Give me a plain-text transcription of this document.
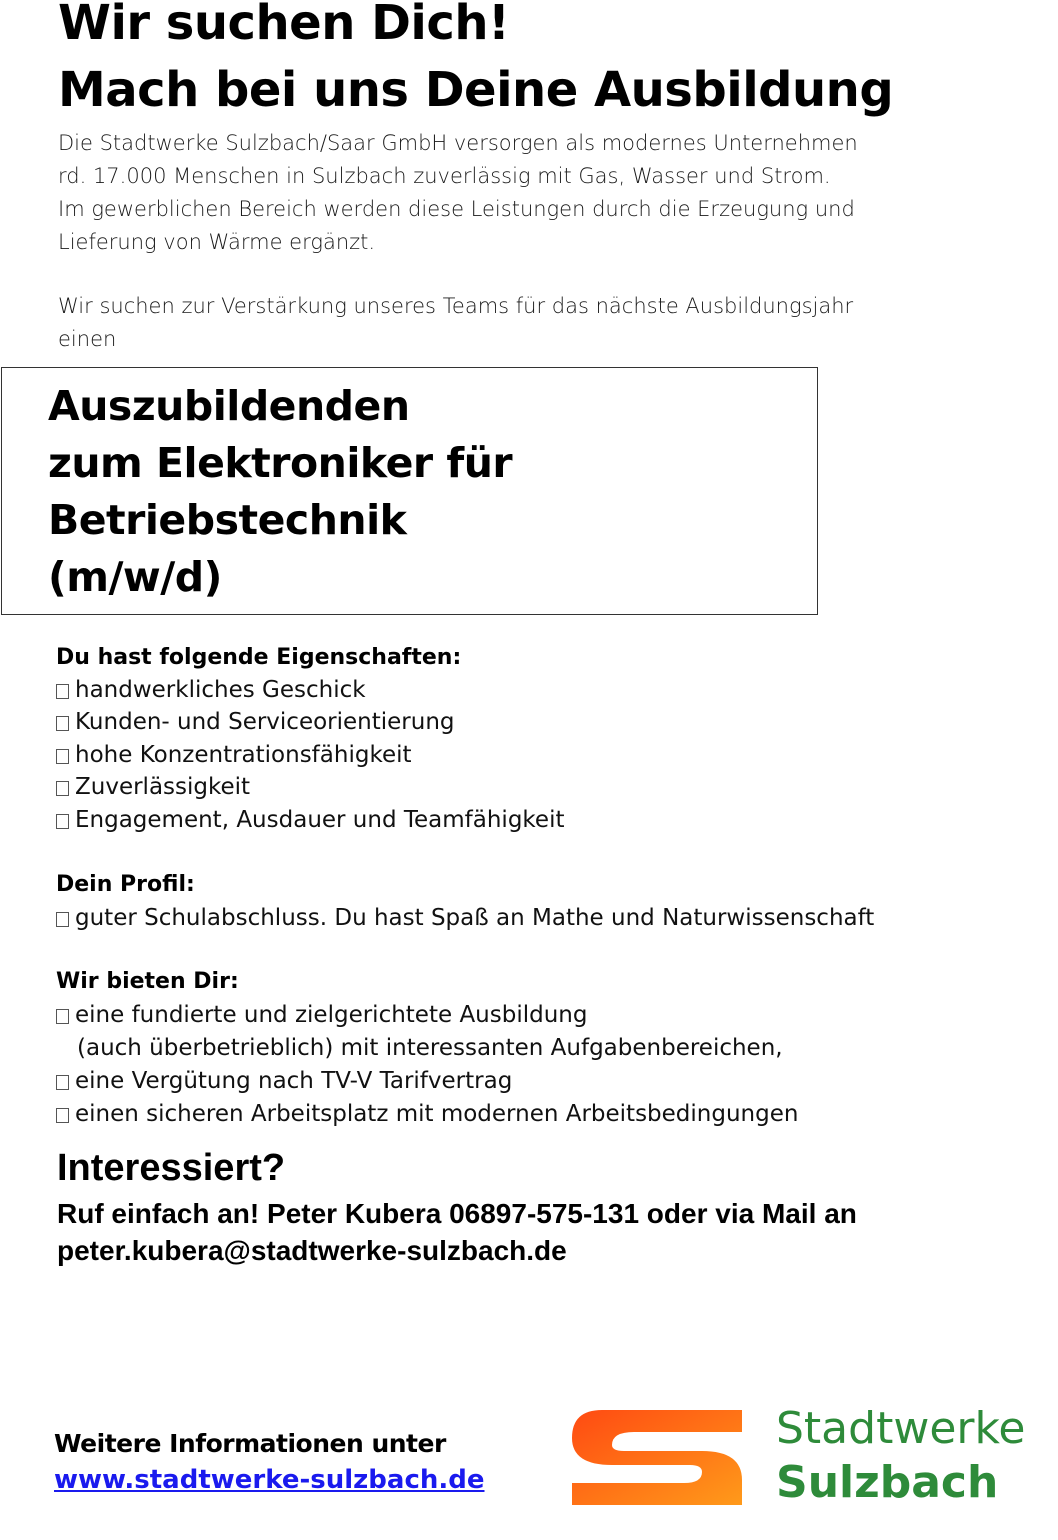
Wir suchen Dich!
Mach bei uns Deine Ausbildung
Die Stadtwerke Sulzbach/Saar GmbH versorgen als modernes Unternehmen
rd. 17.000 Menschen in Sulzbach zuverlässig mit Gas, Wasser und Strom.
Im gewerblichen Bereich werden diese Leistungen durch die Erzeugung und
Lieferung von Wärme ergänzt.
Wir suchen zur Verstärkung unseres Teams für das nächste Ausbildungsjahr
einen
Auszubildenden
zum Elektroniker für
Betriebstechnik
(m/w/d)
Du hast folgende Eigenschaften:
handwerkliches Geschick
Kunden- und Serviceorientierung
hohe Konzentrationsfähigkeit
Zuverlässigkeit
Engagement, Ausdauer und Teamfähigkeit
Dein Profil:
guter Schulabschluss. Du hast Spaß an Mathe und Naturwissenschaft
Wir bieten Dir:
eine fundierte und zielgerichtete Ausbildung
(auch überbetrieblich) mit interessanten Aufgabenbereichen,
eine Vergütung nach TV-V Tarifvertrag
einen sicheren Arbeitsplatz mit modernen Arbeitsbedingungen
Interessiert?
Ruf einfach an! Peter Kubera 06897-575-131 oder via Mail an
peter.kubera@stadtwerke-sulzbach.de
Weitere Informationen unter
www.stadtwerke-sulzbach.de
Stadtwerke
Sulzbach
